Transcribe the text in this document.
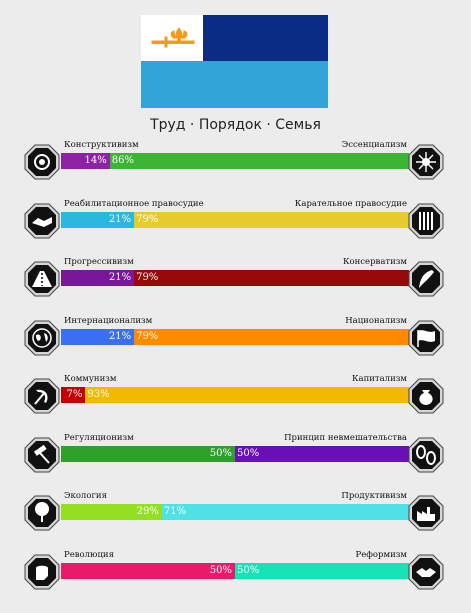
Труд · Порядок · Семья
14% 86%
Конструктивизм	Эссенциализм
21% 79%
Реабилитационное правосудие	Карательное правосудие
21% 79%
Прогрессивизм	Консерватизм
21% 79%
Интернационализм	Национализм
7% 93%
Коммунизм	Капитализм
50% 50%
Регуляционизм	Принцип невмешательства
29% 71%
Экология	Продуктивизм
50% 50%
Революция	Реформизм
